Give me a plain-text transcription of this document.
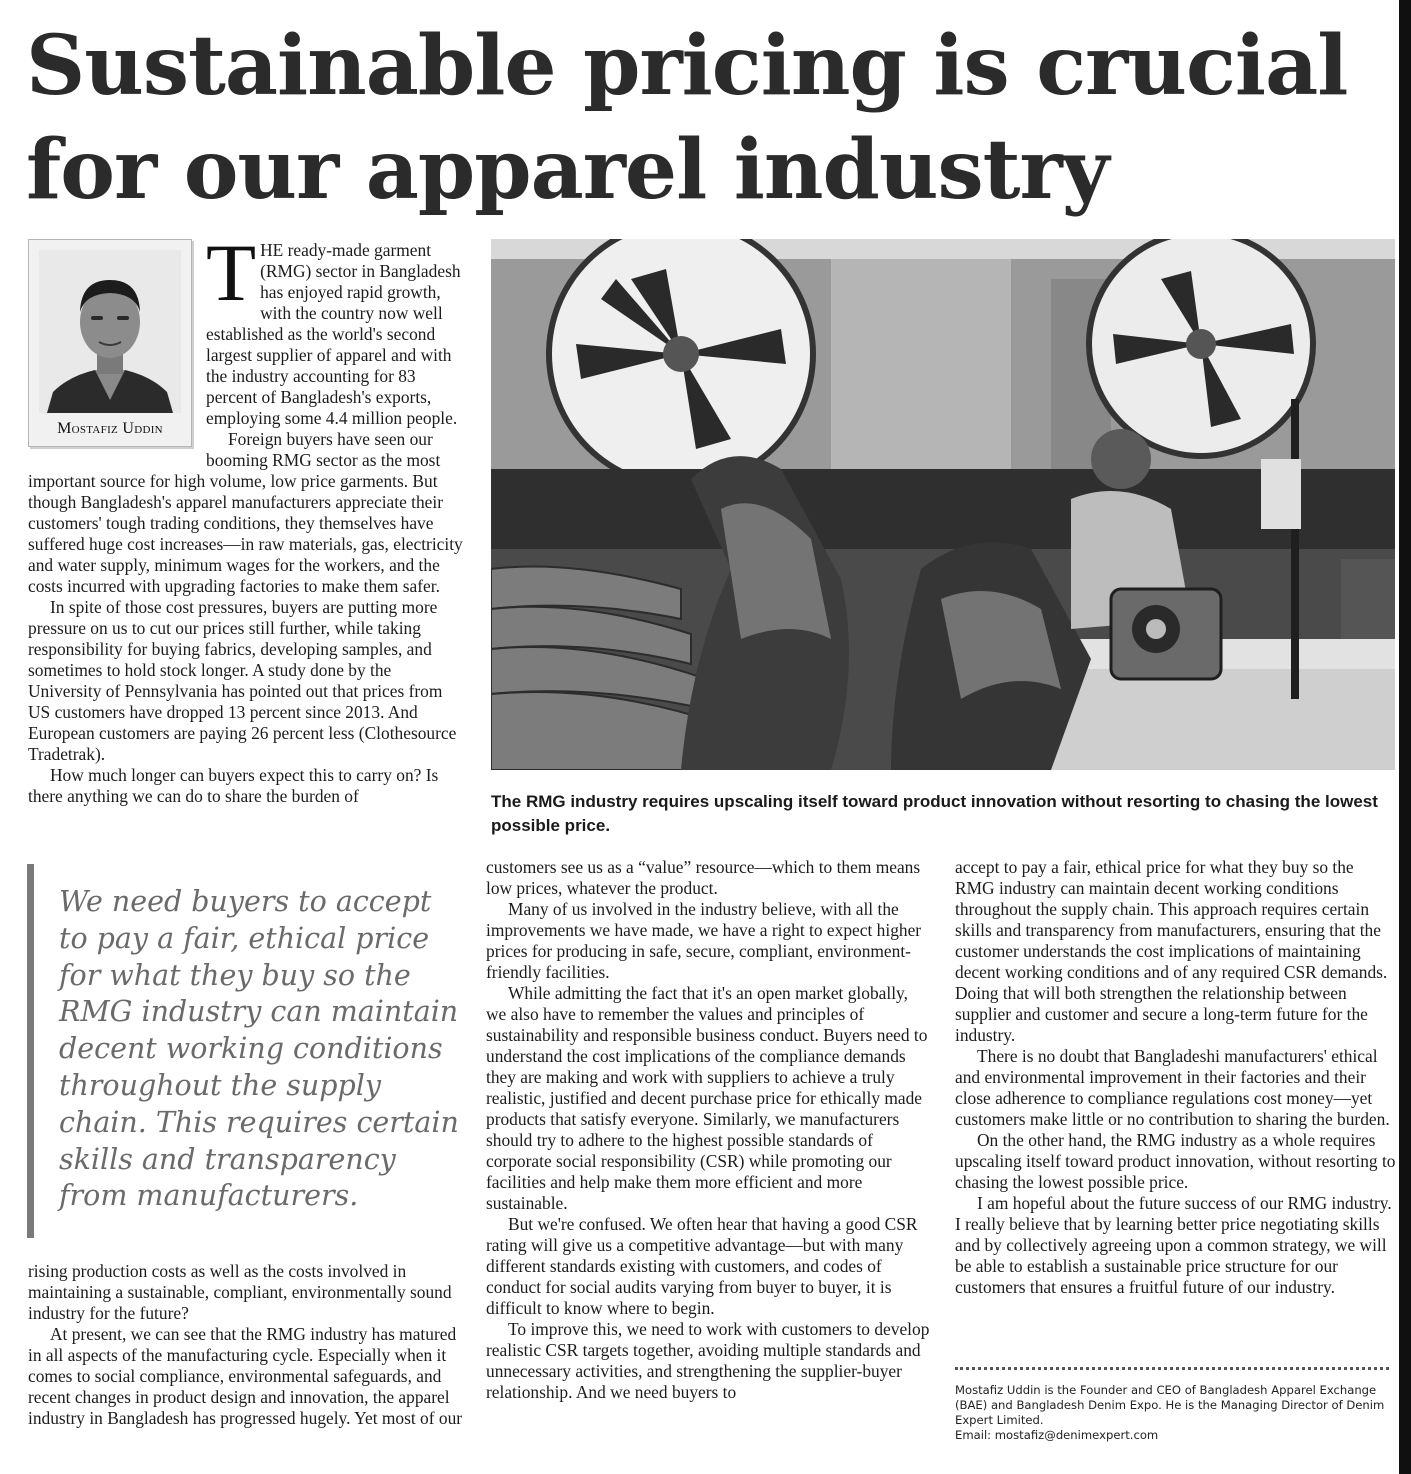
Sustainable pricing is crucial
for our apparel industry

THE ready-made garment (RMG) sector in Bangladesh has enjoyed rapid growth, with the country now well established as the world's second largest supplier of apparel and with the industry accounting for 83 percent of Bangladesh's exports, employing some 4.4 million people.

Foreign buyers have seen our booming RMG sector as the most important source for high volume, low price garments. But though Bangladesh's apparel manufacturers appreciate their customers' tough trading conditions, they themselves have suffered huge cost increases—in raw materials, gas, electricity and water supply, minimum wages for the workers, and the costs incurred with upgrading factories to make them safer.

In spite of those cost pressures, buyers are putting more pressure on us to cut our prices still further, while taking responsibility for buying fabrics, developing samples, and sometimes to hold stock longer. A study done by the University of Pennsylvania has pointed out that prices from US customers have dropped 13 percent since 2013. And European customers are paying 26 percent less (Clothesource Tradetrak).

How much longer can buyers expect this to carry on? Is there anything we can do to share the burden of

Mostafiz Uddin
The RMG industry requires upscaling itself toward product innovation without resorting to chasing the lowest possible price.
We need buyers to accept to pay a fair, ethical price for what they buy so the RMG industry can maintain decent working conditions throughout the supply chain. This requires certain skills and transparency from manufacturers.

rising production costs as well as the costs involved in maintaining a sustainable, compliant, environmentally sound industry for the future?

At present, we can see that the RMG industry has matured in all aspects of the manufacturing cycle. Especially when it comes to social compliance, environmental safeguards, and recent changes in product design and innovation, the apparel industry in Bangladesh has progressed hugely. Yet most of our

customers see us as a “value” resource—which to them means low prices, whatever the product.

Many of us involved in the industry believe, with all the improvements we have made, we have a right to expect higher prices for producing in safe, secure, compliant, environment-friendly facilities.

While admitting the fact that it's an open market globally, we also have to remember the values and principles of sustainability and responsible business conduct. Buyers need to understand the cost implications of the compliance demands they are making and work with suppliers to achieve a truly realistic, justified and decent purchase price for ethically made products that satisfy everyone. Similarly, we manufacturers should try to adhere to the highest possible standards of corporate social responsibility (CSR) while promoting our facilities and help make them more efficient and more sustainable.

But we're confused. We often hear that having a good CSR rating will give us a competitive advantage—but with many different standards existing with customers, and codes of conduct for social audits varying from buyer to buyer, it is difficult to know where to begin.

To improve this, we need to work with customers to develop realistic CSR targets together, avoiding multiple standards and unnecessary activities, and strengthening the supplier-buyer relationship. And we need buyers to

accept to pay a fair, ethical price for what they buy so the RMG industry can maintain decent working conditions throughout the supply chain. This approach requires certain skills and transparency from manufacturers, ensuring that the customer understands the cost implications of maintaining decent working conditions and of any required CSR demands. Doing that will both strengthen the relationship between supplier and customer and secure a long-term future for the industry.

There is no doubt that Bangladeshi manufacturers' ethical and environmental improvement in their factories and their close adherence to compliance regulations cost money—yet customers make little or no contribution to sharing the burden.

On the other hand, the RMG industry as a whole requires upscaling itself toward product innovation, without resorting to chasing the lowest possible price.

I am hopeful about the future success of our RMG industry. I really believe that by learning better price negotiating skills and by collectively agreeing upon a common strategy, we will be able to establish a sustainable price structure for our customers that ensures a fruitful future of our industry.

Mostafiz Uddin is the Founder and CEO of Bangladesh Apparel Exchange (BAE) and Bangladesh Denim Expo. He is the Managing Director of Denim Expert Limited.
Email: mostafiz@denimexpert.com
